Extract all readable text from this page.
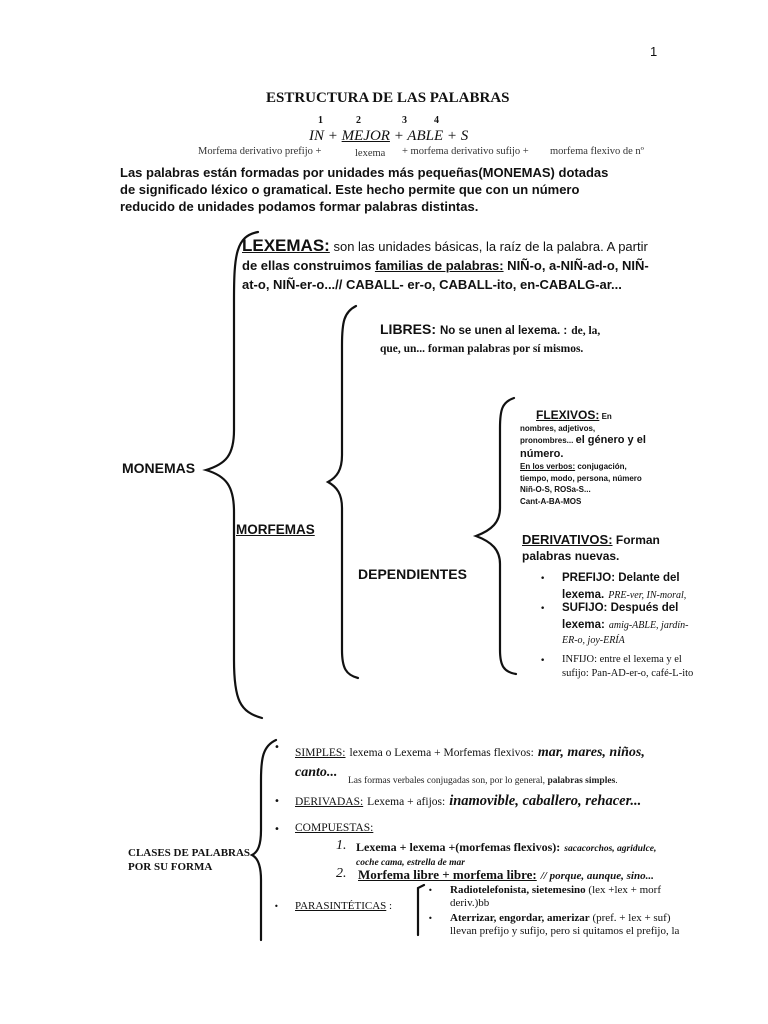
1
ESTRUCTURA DE LAS PALABRAS
1	2	3	4
IN + MEJOR + ABLE + S
Morfema derivativo prefijo +	lexema + morfema derivativo sufijo + morfema flexivo de nº
Las palabras están formadas por unidades más pequeñas(MONEMAS) dotadas
de significado léxico o gramatical. Este hecho permite que con un número
reducido de unidades podamos formar palabras distintas.
LEXEMAS: son las unidades básicas, la raíz de la palabra. A partir
de ellas construimos familias de palabras: NIÑ-o, a-NIÑ-ad-o, NIÑ-
at-o, NIÑ-er-o...// CABALL- er-o, CABALL-ito, en-CABALG-ar...
MONEMAS
MORFEMAS
LIBRES: No se unen al lexema. : de, la,
que, un... forman palabras por sí mismos.
DEPENDIENTES
FLEXIVOS: En
nombres, adjetivos,
pronombres... el género y el
número.
En los verbos: conjugación,
tiempo, modo, persona, número
Niñ-O-S, ROSa-S...
Cant-A-BA-MOS
DERIVATIVOS: Forman
palabras nuevas.
• PREFIJO: Delante del
lexema. PRE-ver, IN-moral,
• SUFIJO: Después del
lexema: amig-ABLE, jardín-
ER-o, joy-ERÍA
• INFIJO: entre el lexema y el
sufijo: Pan-AD-er-o, café-L-ito
CLASES DE PALABRAS
POR SU FORMA
• SIMPLES: lexema o Lexema + Morfemas flexivos: mar, mares, niños,
canto...
Las formas verbales conjugadas son, por lo general, palabras simples.
• DERIVADAS: Lexema + afijos: inamovible, caballero, rehacer...
• COMPUESTAS:
1. Lexema + lexema +(morfemas flexivos): sacacorchos, agridulce,
coche cama, estrella de mar
2. Morfema libre + morfema libre: // porque, aunque, sino...
• PARASINTÉTICAS :
• Radiotelefonista, sietemesino (lex +lex + morf
deriv.)bb
• Aterrizar, engordar, amerizar (pref. + lex + suf)
llevan prefijo y sufijo, pero si quitamos el prefijo, la
